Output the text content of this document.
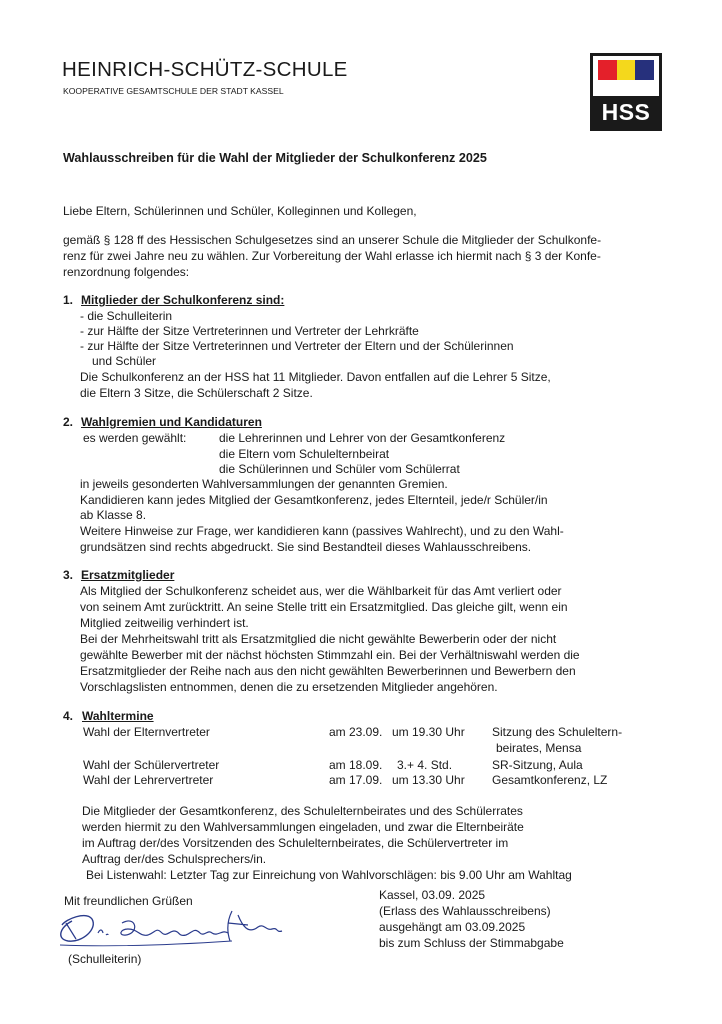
HEINRICH-SCHÜTZ-SCHULE
KOOPERATIVE GESAMTSCHULE DER STADT KASSEL
HSS
Wahlausschreiben für die Wahl der Mitglieder der Schulkonferenz 2025
Liebe Eltern, Schülerinnen und Schüler, Kolleginnen und Kollegen,
gemäß § 128 ff des Hessischen Schulgesetzes sind an unserer Schule die Mitglieder der Schulkonfe-
renz für zwei Jahre neu zu wählen. Zur Vorbereitung der Wahl erlasse ich hiermit nach § 3 der Konfe-
renzordnung folgendes:
1. Mitglieder der Schulkonferenz sind:
- die Schulleiterin
- zur Hälfte der Sitze Vertreterinnen und Vertreter der Lehrkräfte
- zur Hälfte der Sitze Vertreterinnen und Vertreter der Eltern und der Schülerinnen
und Schüler
Die Schulkonferenz an der HSS hat 11 Mitglieder. Davon entfallen auf die Lehrer 5 Sitze,
die Eltern 3 Sitze, die Schülerschaft 2 Sitze.
2. Wahlgremien und Kandidaturen
es werden gewählt:	die Lehrerinnen und Lehrer von der Gesamtkonferenz
die Eltern vom Schulelternbeirat
die Schülerinnen und Schüler vom Schülerrat
in jeweils gesonderten Wahlversammlungen der genannten Gremien.
Kandidieren kann jedes Mitglied der Gesamtkonferenz, jedes Elternteil, jede/r Schüler/in
ab Klasse 8.
Weitere Hinweise zur Frage, wer kandidieren kann (passives Wahlrecht), und zu den Wahl-
grundsätzen sind rechts abgedruckt. Sie sind Bestandteil dieses Wahlausschreibens.
3. Ersatzmitglieder
Als Mitglied der Schulkonferenz scheidet aus, wer die Wählbarkeit für das Amt verliert oder
von seinem Amt zurücktritt. An seine Stelle tritt ein Ersatzmitglied. Das gleiche gilt, wenn ein
Mitglied zeitweilig verhindert ist.
Bei der Mehrheitswahl tritt als Ersatzmitglied die nicht gewählte Bewerberin oder der nicht
gewählte Bewerber mit der nächst höchsten Stimmzahl ein. Bei der Verhältniswahl werden die
Ersatzmitglieder der Reihe nach aus den nicht gewählten Bewerberinnen und Bewerbern den
Vorschlagslisten entnommen, denen die zu ersetzenden Mitglieder angehören.
4. Wahltermine
Wahl der Elternvertreter	am 23.09. um 19.30 Uhr Sitzung des Schuleltern-
beirates, Mensa
Wahl der Schülervertreter	am 18.09. 3.+ 4. Std.	SR-Sitzung, Aula
Wahl der Lehrervertreter	am 17.09. um 13.30 Uhr Gesamtkonferenz, LZ
Die Mitglieder der Gesamtkonferenz, des Schulelternbeirates und des Schülerrates
werden hiermit zu den Wahlversammlungen eingeladen, und zwar die Elternbeiräte
im Auftrag der/des Vorsitzenden des Schulelternbeirates, die Schülervertreter im
Auftrag der/des Schulsprechers/in.
Bei Listenwahl: Letzter Tag zur Einreichung von Wahlvorschlägen: bis 9.00 Uhr am Wahltag
Mit freundlichen Grüßen
(Schulleiterin)
Kassel, 03.09. 2025
(Erlass des Wahlausschreibens)
ausgehängt am 03.09.2025
bis zum Schluss der Stimmabgabe
